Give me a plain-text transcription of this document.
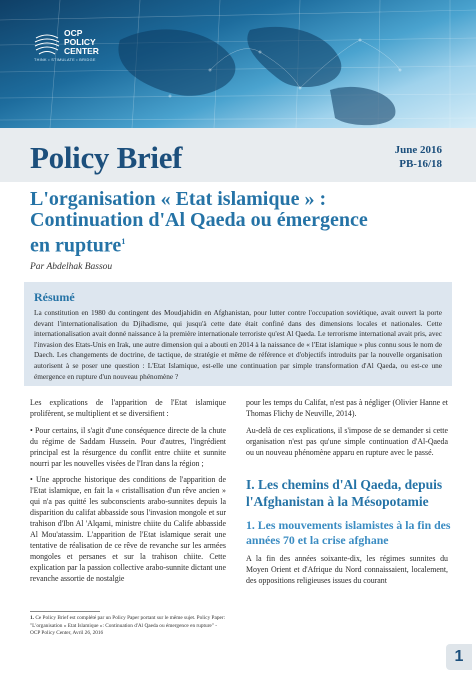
OCP
POLICY
CENTER
THINK • STIMULATE • BRIDGE
Policy Brief	June 2016
PB-16/18
L'organisation « Etat islamique » :
Continuation d'Al Qaeda ou émergence
en rupture$^1$
Par Abdelhak Bassou
Résumé

La constitution en 1980 du contingent des Moudjahidin en Afghanistan, pour lutter contre l'occupation soviétique, avait ouvert la porte devant l'internationalisation du Djihadisme, qui jusqu'à cette date était confiné dans des dimensions locales et nationales. Cette internationalisation avait donné naissance à la première internationale terroriste qu'est Al Qaeda. Le terrorisme international avait pris, avec l'invasion des Etats-Unis en Irak, une autre dimension qui a abouti en 2014 à la naissance de « l'Etat islamique » plus connu sous le nom de Daech. Les changements de doctrine, de tactique, de stratégie et même de référence et d'objectifs introduits par la nouvelle organisation autorisent à se poser une question : L'Etat Islamique, est-elle une continuation par simple transformation d'Al Qaeda, ou est-ce une émergence en rupture d'un nouveau phénomène ?

Les explications de l'apparition de l'Etat islamique prolifèrent, se multiplient et se diversifient :

• Pour certains, il s'agit d'une conséquence directe de la chute du régime de Saddam Hussein. Pour d'autres, l'ingrédient principal est la résurgence du conflit entre chiite et sunnite nourri par les nouvelles visées de l'Iran dans la région ;

• Une approche historique des conditions de l'apparition de l'Etat islamique, en fait la « cristallisation d'un rêve ancien » qui n'a pas quitté les subconscients arabo-sunnites depuis la disparition du califat abbasside sous l'invasion mongole et sur trahison d'Ibn Al 'Alqami, ministre chiite du Calife abbasside Al Mou'atassim. L'apparition de l'Etat islamique serait une tentative de réalisation de ce rêve de revanche sur les armées mongoles et persanes et sur la trahison chiite. Cette explication par la passion collective arabo-sunnite dictant une revanche assortie de nostalgie

pour les temps du Califat, n'est pas à négliger (Olivier Hanne et Thomas Flichy de Neuville, 2014).

Au-delà de ces explications, il s'impose de se demander si cette organisation n'est pas qu'une simple continuation d'Al-Qaeda ou un nouveau phénomène apparu en rupture avec le passé.

I. Les chemins d'Al Qaeda, depuis l'Afghanistan à la Mésopotamie
1. Les mouvements islamistes à la fin des années 70 et la crise afghane
A la fin des années soixante-dix, les régimes sunnites du Moyen Orient et d'Afrique du Nord connaissaient, localement, des oppositions religieuses issues du courant
1. Ce Policy Brief est complété par un Policy Paper portant sur le même sujet. Policy Paper: "L'organisation « Etat Islamique »: Continuation d'Al Qaeda ou émergence en rupture" - OCP Policy Center, Avril 26, 2016
1
